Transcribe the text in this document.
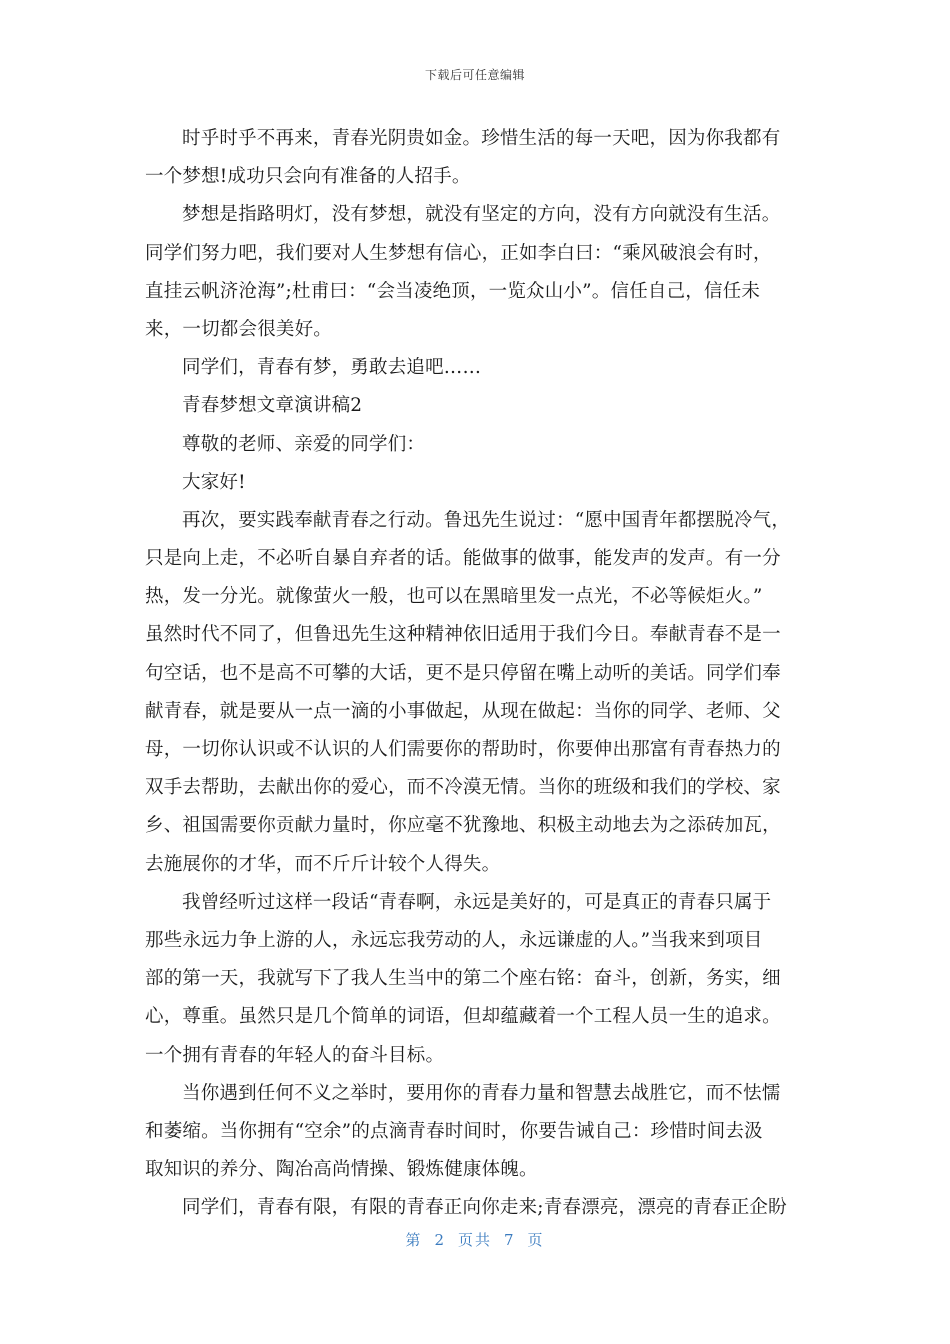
下载后可任意编辑
时乎时乎不再来，青春光阴贵如金。珍惜生活的每一天吧，因为你我都有
一个梦想!成功只会向有准备的人招手。
梦想是指路明灯，没有梦想，就没有坚定的方向，没有方向就没有生活。
同学们努力吧，我们要对人生梦想有信心，正如李白曰：“乘风破浪会有时，
直挂云帆济沧海”;杜甫曰：“会当凌绝顶，一览众山小”。信任自己，信任未
来，一切都会很美好。
同学们，青春有梦，勇敢去追吧……
青春梦想文章演讲稿2
尊敬的老师、亲爱的同学们：
大家好!
再次，要实践奉献青春之行动。鲁迅先生说过：“愿中国青年都摆脱冷气，
只是向上走，不必听自暴自弃者的话。能做事的做事，能发声的发声。有一分
热，发一分光。就像萤火一般，也可以在黑暗里发一点光，不必等候炬火。”
虽然时代不同了，但鲁迅先生这种精神依旧适用于我们今日。奉献青春不是一
句空话，也不是高不可攀的大话，更不是只停留在嘴上动听的美话。同学们奉
献青春，就是要从一点一滴的小事做起，从现在做起：当你的同学、老师、父
母，一切你认识或不认识的人们需要你的帮助时，你要伸出那富有青春热力的
双手去帮助，去献出你的爱心，而不冷漠无情。当你的班级和我们的学校、家
乡、祖国需要你贡献力量时，你应毫不犹豫地、积极主动地去为之添砖加瓦，
去施展你的才华，而不斤斤计较个人得失。
我曾经听过这样一段话“青春啊，永远是美好的，可是真正的青春只属于
那些永远力争上游的人，永远忘我劳动的人，永远谦虚的人。”当我来到项目
部的第一天，我就写下了我人生当中的第二个座右铭：奋斗，创新，务实，细
心，尊重。虽然只是几个简单的词语，但却蕴藏着一个工程人员一生的追求。
一个拥有青春的年轻人的奋斗目标。
当你遇到任何不义之举时，要用你的青春力量和智慧去战胜它，而不怯懦
和萎缩。当你拥有“空余”的点滴青春时间时，你要告诫自己：珍惜时间去汲
取知识的养分、陶冶高尚情操、锻炼健康体魄。
同学们，青春有限，有限的青春正向你走来;青春漂亮，漂亮的青春正企盼
第 2 页共 7 页
